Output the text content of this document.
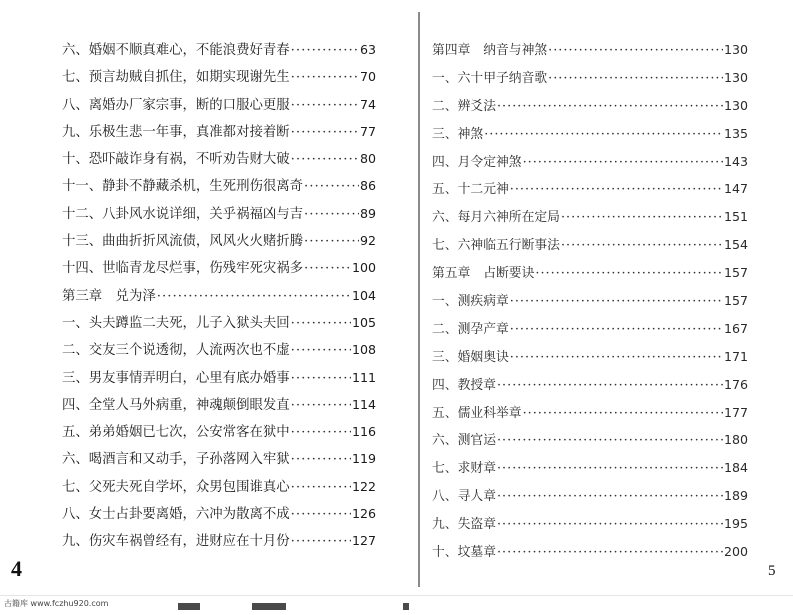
六、婚姻不顺真难心，不能浪费好青春 ·····	63
七、预言劫贼自抓住，如期实现谢先生 ·····	70
八、离婚办厂家宗事，断的口服心更服 ·····	74
九、乐极生悲一年事，真准都对接着断 ·····	77
十、恐吓敲诈身有祸，不听劝告财大破 ·····	80
十一、静卦不静藏杀机，生死刑伤很离奇 ·····	86
十二、八卦风水说详细，关乎祸福凶与吉 ·····	89
十三、曲曲折折风流债，风风火火赌折腾 ·····	92
十四、世临青龙尽烂事，伤残牢死灾祸多 ·····	100
第三章　兑为泽 ·····	104
一、头夫蹲监二夫死，儿子入狱头夫回 ·····	105
二、交友三个说透彻，人流两次也不虚 ·····	108
三、男友事情弄明白，心里有底办婚事 ·····	111
四、全堂人马外病重，神魂颠倒眼发直 ·····	114
五、弟弟婚姻已七次，公安常客在狱中 ·····	116
六、喝酒言和又动手，子孙落网入牢狱 ·····	119
七、父死夫死自学坏，众男包围谁真心 ·····	122
八、女士占卦要离婚，六冲为散离不成 ·····	126
九、伤灾车祸曾经有，进财应在十月份 ·····	127
第四章　纳音与神煞 ·····	130
一、六十甲子纳音歌 ·····	130
二、辨爻法 ·····	130
三、神煞 ·····	135
四、月令定神煞 ·····	143
五、十二元神 ·····	147
六、每月六神所在定局 ·····	151
七、六神临五行断事法 ·····	154
第五章　占断要诀 ·····	157
一、测疾病章 ·····	157
二、测孕产章 ·····	167
三、婚姻奥诀 ·····	171
四、教授章 ·····	176
五、儒业科举章 ·····	177
六、测官运 ·····	180
七、求财章 ·····	184
八、寻人章 ·····	189
九、失盗章 ·····	195
十、坟墓章 ·····	200
4	5
古籍库 www.fczhu920.com
